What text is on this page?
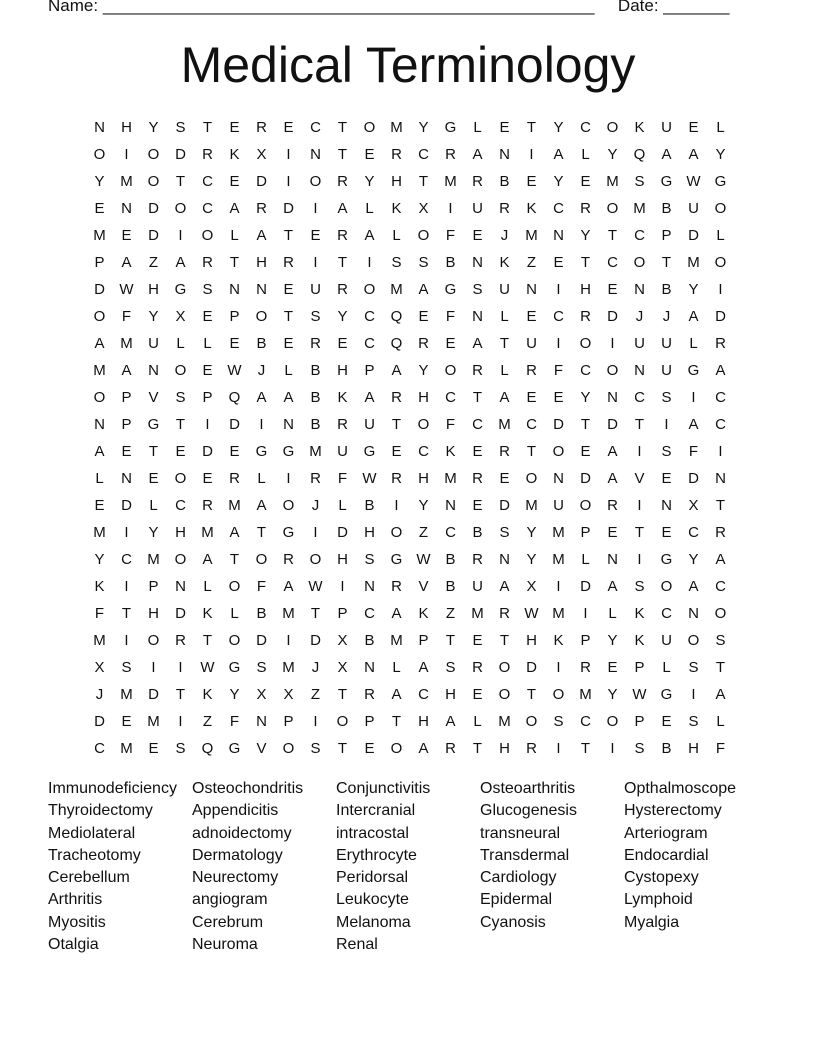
Name: ____________________________________________________ Date: _______
Medical Terminology
N	H	Y	S	T	E	R	E	C	T	O M	Y	G	L	E	T	Y	C	O	K	U	E	L
O	I	O	D	R	K	X	I	N	T	E	R	C	R	A	N	I	A	L	Y	Q	A	A	Y
Y	M O	T	C	E	D	I	O	R	Y	H	T	M	R	B	E	Y	E	M	S	G W G
E	N	D	O	C	A	R	D	I	A	L	K	X	I	U	R	K	C	R	O M	B	U	O
M	E	D	I	O	L	A	T	E	R	A	L	O	F	E	J	M	N	Y	T	C	P	D	L
P	A	Z	A	R	T	H	R	I	T	I	S	S	B	N	K	Z	E	T	C	O	T	M O
D W H	G	S	N	N	E	U	R	O M	A	G	S	U	N	I	H	E	N	B	Y	I
O	F	Y	X	E	P	O	T	S	Y	C	Q	E	F	N	L	E	C	R	D	J	J	A	D
A	M	U	L	L	E	B	E	R	E	C	Q	R	E	A	T	U	I	O	I	U	U	L	R
M	A	N	O	E W	J	L	B	H	P	A	Y	O	R	L	R	F	C	O	N	U	G	A
O	P	V	S	P	Q	A	A	B	K	A	R	H	C	T	A	E	E	Y	N	C	S	I	C
N	P	G	T	I	D	I	N	B	R	U	T	O	F	C	M	C	D	T	D	T	I	A	C
A	E	T	E	D	E	G	G M	U	G	E	C	K	E	R	T	O	E	A	I	S	F	I
L	N	E	O	E	R	L	I	R	F	W R	H	M	R	E	O	N	D	A	V	E	D	N
E	D	L	C	R	M	A	O	J	L	B	I	Y	N	E	D	M	U	O	R	I	N	X	T
M	I	Y	H	M	A	T	G	I	D	H	O	Z	C	B	S	Y	M	P	E	T	E	C	R
Y	C	M O	A	T	O	R	O	H	S	G W B	R	N	Y	M	L	N	I	G	Y	A
K	I	P	N	L	O	F	A W	I	N	R	V	B	U	A	X	I	D	A	S	O	A	C
F	T	H	D	K	L	B	M	T	P	C	A	K	Z	M	R W M	I	L	K	C	N	O
M	I	O	R	T	O	D	I	D	X	B	M	P	T	E	T	H	K	P	Y	K	U	O	S
X	S	I	I	W G	S	M	J	X	N	L	A	S	R	O	D	I	R	E	P	L	S	T
J	M	D	T	K	Y	X	X	Z	T	R	A	C	H	E	O	T	O M	Y W G	I	A
D	E	M	I	Z	F	N	P	I	O	P	T	H	A	L	M O	S	C	O	P	E	S	L
C	M	E	S	Q	G	V	O	S	T	E	O	A	R	T	H	R	I	T	I	S	B	H	F
Immunodeficiency Osteochondritis	Conjunctivitis	Osteoarthritis	Opthalmoscope
Thyroidectomy	Appendicitis	Intercranial	Glucogenesis	Hysterectomy
Mediolateral	adnoidectomy	intracostal	transneural	Arteriogram
Tracheotomy	Dermatology	Erythrocyte	Transdermal	Endocardial
Cerebellum	Neurectomy	Peridorsal	Cardiology	Cystopexy
Arthritis	angiogram	Leukocyte	Epidermal	Lymphoid
Myositis	Cerebrum	Melanoma	Cyanosis	Myalgia
Otalgia	Neuroma	Renal
